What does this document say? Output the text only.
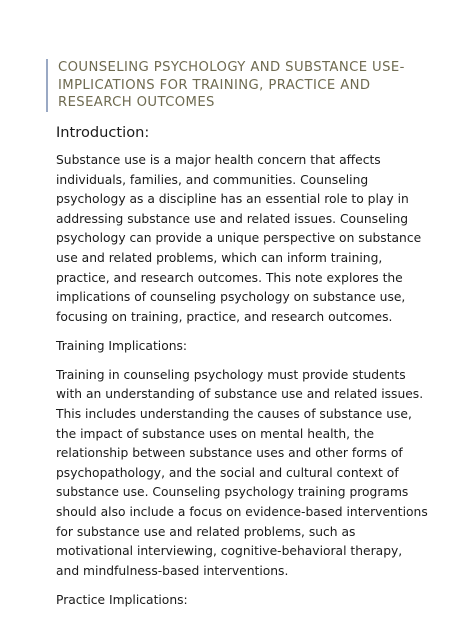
COUNSELING PSYCHOLOGY AND SUBSTANCE USE- IMPLICATIONS FOR TRAINING, PRACTICE AND RESEARCH OUTCOMES
Introduction:

Substance use is a major health concern that affects individuals, families, and communities. Counseling psychology as a discipline has an essential role to play in addressing substance use and related issues. Counseling psychology can provide a unique perspective on substance use and related problems, which can inform training, practice, and research outcomes. This note explores the implications of counseling psychology on substance use, focusing on training, practice, and research outcomes.

Training Implications:

Training in counseling psychology must provide students with an understanding of substance use and related issues. This includes understanding the causes of substance use, the impact of substance uses on mental health, the relationship between substance uses and other forms of psychopathology, and the social and cultural context of substance use. Counseling psychology training programs should also include a focus on evidence-based interventions for substance use and related problems, such as motivational interviewing, cognitive-behavioral therapy, and mindfulness-based interventions.

Practice Implications:
